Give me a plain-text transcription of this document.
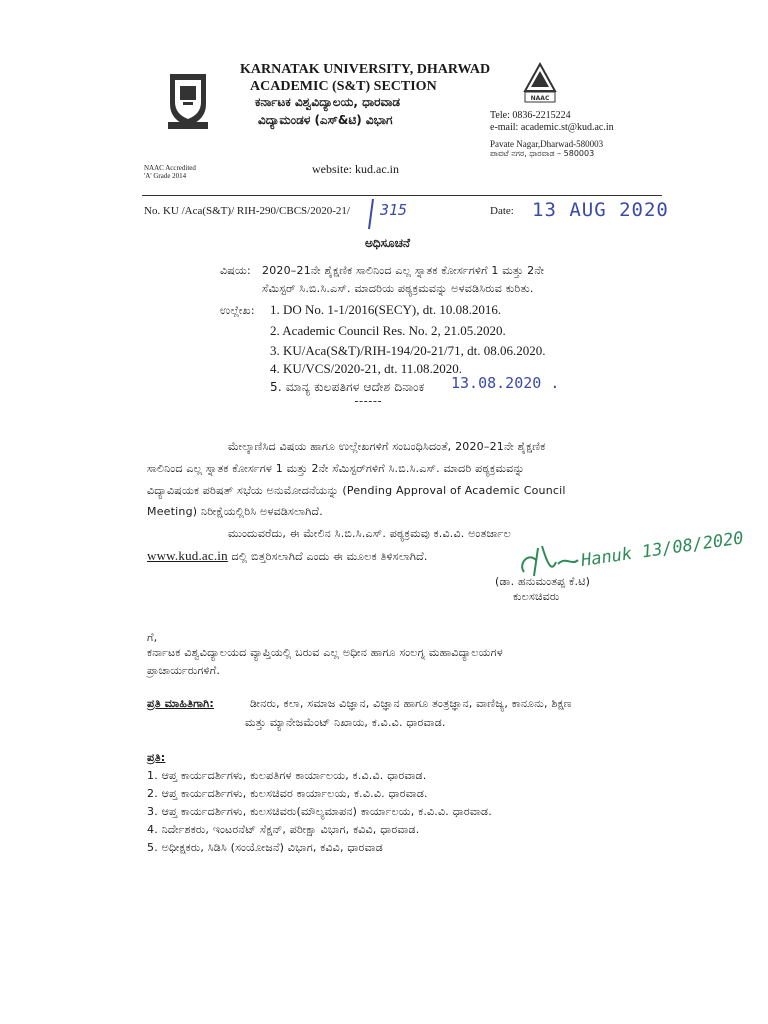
KARNATAK UNIVERSITY, DHARWAD
ACADEMIC (S&T) SECTION
ಕರ್ನಾಟಕ ವಿಶ್ವವಿದ್ಯಾಲಯ, ಧಾರವಾಡ
ವಿದ್ಯಾಮಂಡಳ (ಎಸ್&ಟಿ) ವಿಭಾಗ
NAAC Accredited
'A' Grade 2014	website: kud.ac.in
NAAC
Tele: 0836-2215224
e-mail: academic.st@kud.ac.in
Pavate Nagar,Dharwad-580003
ಪಾವಟೆ ನಗರ, ಧಾರವಾಡ – 580003
No. KU /Aca(S&T)/ RIH-290/CBCS/2020-21/ 315	Date: 13 AUG 2020
ಅಧಿಸೂಚನೆ
ವಿಷಯ: 2020–21ನೇ ಶೈಕ್ಷಣಿಕ ಸಾಲಿನಿಂದ ಎಲ್ಲ ಸ್ನಾತಕ ಕೋರ್ಸಗಳಿಗೆ 1 ಮತ್ತು 2ನೇ
ಸೆಮಿಸ್ಟರ್ ಸಿ.ಬಿ.ಸಿ.ಎಸ್. ಮಾದರಿಯ ಪಠ್ಯಕ್ರಮವನ್ನು ಅಳವಡಿಸಿರುವ ಕುರಿತು.
ಉಲ್ಲೇಖ: 1. DO No. 1-1/2016(SECY), dt. 10.08.2016.
2. Academic Council Res. No. 2, 21.05.2020.
3. KU/Aca(S&T)/RIH-194/20-21/71, dt. 08.06.2020.
4. KU/VCS/2020-21, dt. 11.08.2020.
5. ಮಾನ್ಯ ಕುಲಪತಿಗಳ ಆದೇಶ ದಿನಾಂಕ 13.08.2020 .
ಮೇಲ್ಕಾಣಿಸಿದ ವಿಷಯ ಹಾಗೂ ಉಲ್ಲೇಖಗಳಿಗೆ ಸಂಬಂಧಿಸಿದಂತೆ, 2020–21ನೇ ಶೈಕ್ಷಣಿಕ
ಸಾಲಿನಿಂದ ಎಲ್ಲ ಸ್ನಾತಕ ಕೋರ್ಸಗಳ 1 ಮತ್ತು 2ನೇ ಸೆಮಿಸ್ಟರ್‌ಗಳಿಗೆ ಸಿ.ಬಿ.ಸಿ.ಎಸ್. ಮಾದರಿ ಪಠ್ಯಕ್ರಮವನ್ನು
ವಿದ್ಯಾವಿಷಯಕ ಪರಿಷತ್ ಸಭೆಯ ಅನುಮೋದನೆಯನ್ನು (Pending Approval of Academic Council
Meeting) ನಿರೀಕ್ಷೆಯಲ್ಲಿರಿಸಿ ಅಳವಡಿಸಲಾಗಿದೆ.
ಮುಂದುವರೆದು, ಈ ಮೇಲಿನ ಸಿ.ಬಿ.ಸಿ.ಎಸ್. ಪಠ್ಯಕ್ರಮವು ಕ.ವಿ.ವಿ. ಅಂತರ್ಜಾಲ
www.kud.ac.in ದಲ್ಲಿ ಬಿತ್ತರಿಸಲಾಗಿದೆ ಎಂದು ಈ ಮೂಲಕ ತಿಳಿಸಲಾಗಿದೆ.	Hanuk 13/08/2020
(ಡಾ. ಹನುಮಂತಪ್ಪ ಕೆ.ಟಿ)
ಕುಲಸಚಿವರು
ಗೆ,
ಕರ್ನಾಟಕ ವಿಶ್ವವಿದ್ಯಾಲಯದ ವ್ಯಾಪ್ತಿಯಲ್ಲಿ ಬರುವ ಎಲ್ಲ ಅಧೀನ ಹಾಗೂ ಸಂಲಗ್ನ ಮಹಾವಿದ್ಯಾಲಯಗಳ
ಪ್ರಾಚಾರ್ಯರುಗಳಿಗೆ.
ಪ್ರತಿ ಮಾಹಿತಿಗಾಗಿ:	ಡೀನರು, ಕಲಾ, ಸಮಾಜ ವಿಜ್ಞಾನ, ವಿಜ್ಞಾನ ಹಾಗೂ ತಂತ್ರಜ್ಞಾನ, ವಾಣಿಜ್ಯ, ಕಾನೂನು, ಶಿಕ್ಷಣ
ಮತ್ತು ಮ್ಯಾನೇಜಮೆಂಟ್ ನಿಖಾಯ, ಕ.ವಿ.ವಿ. ಧಾರವಾಡ.
ಪ್ರತಿ:
1. ಆಪ್ತ ಕಾರ್ಯದರ್ಶಿಗಳು, ಕುಲಪತಿಗಳ ಕಾರ್ಯಾಲಯ, ಕ.ವಿ.ವಿ. ಧಾರವಾಡ.
2. ಆಪ್ತ ಕಾರ್ಯದರ್ಶಿಗಳು, ಕುಲಸಚಿವರ ಕಾರ್ಯಾಲಯ, ಕ.ವಿ.ವಿ. ಧಾರವಾಡ.
3. ಆಪ್ತ ಕಾರ್ಯದರ್ಶಿಗಳು, ಕುಲಸಚಿವರು(ಮೌಲ್ಯಮಾಪನ) ಕಾರ್ಯಾಲಯ, ಕ.ವಿ.ವಿ. ಧಾರವಾಡ.
4. ನಿರ್ದೇಶಕರು, ಇಂಟರನೆಟ್ ಸೆಕ್ಷನ್, ಪರೀಕ್ಷಾ ವಿಭಾಗ, ಕವಿವಿ, ಧಾರವಾಡ.
5. ಅಧೀಕ್ಷಕರು, ಸಿಡಿಸಿ (ಸಂಯೋಜನೆ) ವಿಭಾಗ, ಕವಿವಿ, ಧಾರವಾಡ
